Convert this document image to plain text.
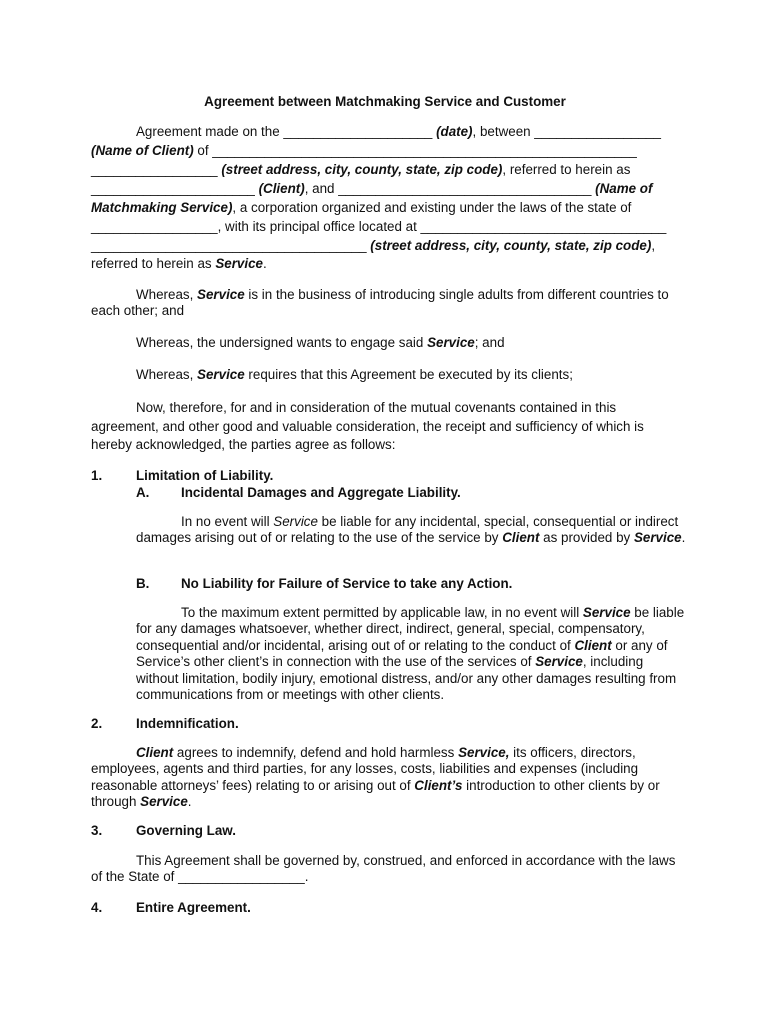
Agreement between Matchmaking Service and Customer
Agreement made on the ____________________ (date), between _________________
(Name of Client) of _________________________________________________________
_________________ (street address, city, county, state, zip code), referred to herein as
______________________ (Client), and __________________________________ (Name of
Matchmaking Service), a corporation organized and existing under the laws of the state of
_________________, with its principal office located at _________________________________
_____________________________________ (street address, city, county, state, zip code),
referred to herein as Service.

Whereas, Service is in the business of introducing single adults from different countries to each other; and

Whereas, the undersigned wants to engage said Service; and

Whereas, Service requires that this Agreement be executed by its clients;

Now, therefore, for and in consideration of the mutual covenants contained in this agreement, and other good and valuable consideration, the receipt and sufficiency of which is hereby acknowledged, the parties agree as follows:

1.	Limitation of Liability.
A. Incidental Damages and Aggregate Liability.

In no event will Service be liable for any incidental, special, consequential or indirect damages arising out of or relating to the use of the service by Client as provided by Service.

B. No Liability for Failure of Service to take any Action.

To the maximum extent permitted by applicable law, in no event will Service be liable for any damages whatsoever, whether direct, indirect, general, special, compensatory, consequential and/or incidental, arising out of or relating to the conduct of Client or any of Service’s other client’s in connection with the use of the services of Service, including without limitation, bodily injury, emotional distress, and/or any other damages resulting from communications from or meetings with other clients.

2.	Indemnification.

Client agrees to indemnify, defend and hold harmless Service, its officers, directors, employees, agents and third parties, for any losses, costs, liabilities and expenses (including reasonable attorneys’ fees) relating to or arising out of Client’s introduction to other clients by or through Service.

3.	Governing Law.

This Agreement shall be governed by, construed, and enforced in accordance with the laws of the State of _________________.

4.	Entire Agreement.
